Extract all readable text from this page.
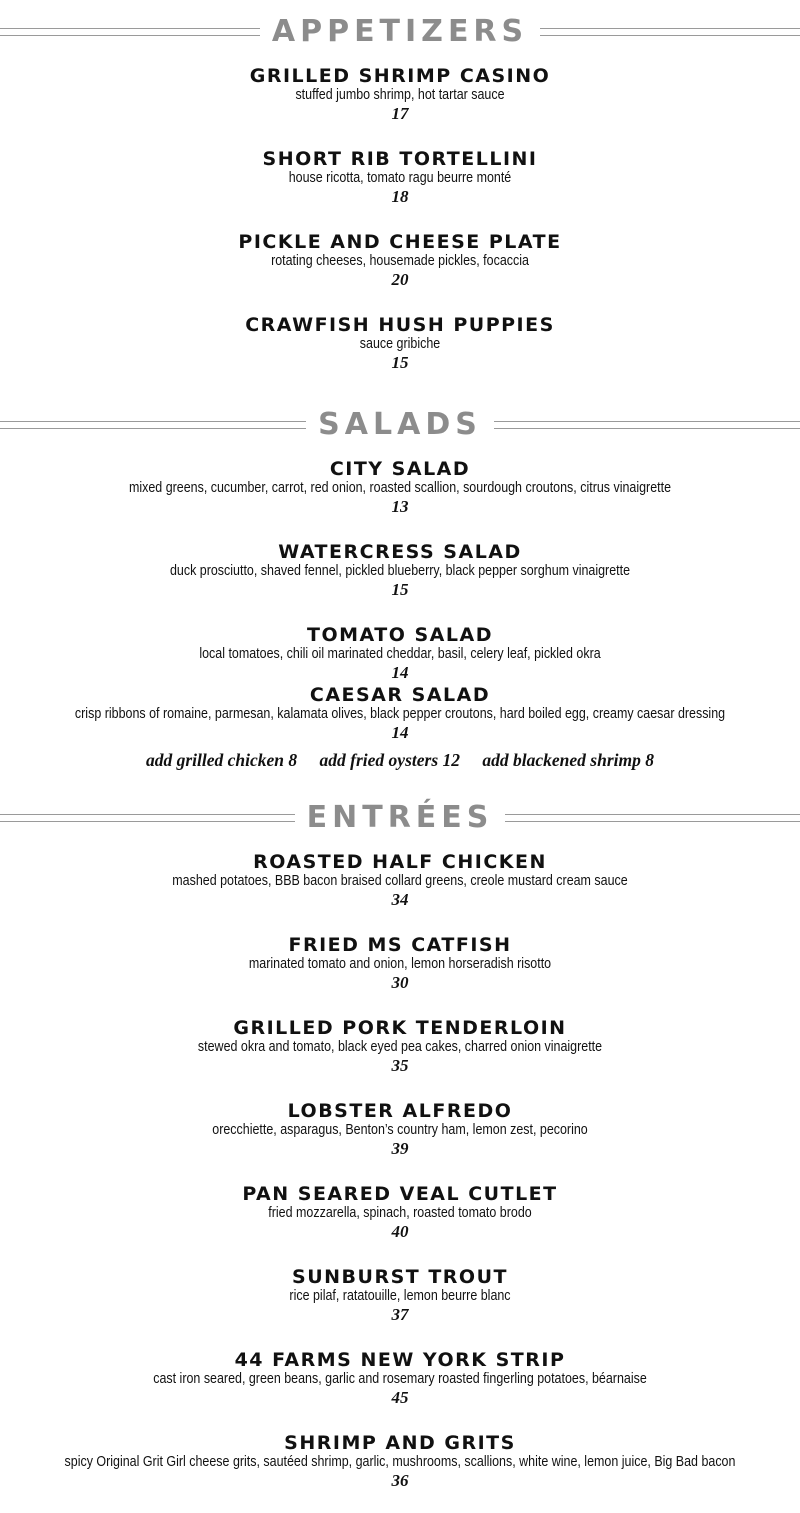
APPETIZERS
GRILLED SHRIMP CASINO
stuffed jumbo shrimp, hot tartar sauce
17
SHORT RIB TORTELLINI
house ricotta, tomato ragu beurre monté
18
PICKLE AND CHEESE PLATE
rotating cheeses, housemade pickles, focaccia
20
CRAWFISH HUSH PUPPIES
sauce gribiche
15
SALADS
CITY SALAD
mixed greens, cucumber, carrot, red onion, roasted scallion, sourdough croutons, citrus vinaigrette
13
WATERCRESS SALAD
duck prosciutto, shaved fennel, pickled blueberry, black pepper sorghum vinaigrette
15
TOMATO SALAD
local tomatoes, chili oil marinated cheddar, basil, celery leaf, pickled okra
14
CAESAR SALAD
crisp ribbons of romaine, parmesan, kalamata olives, black pepper croutons, hard boiled egg, creamy caesar dressing
14
add grilled chicken 8 add fried oysters 12 add blackened shrimp 8
ENTRÉES
ROASTED HALF CHICKEN
mashed potatoes, BBB bacon braised collard greens, creole mustard cream sauce
34
FRIED MS CATFISH
marinated tomato and onion, lemon horseradish risotto
30
GRILLED PORK TENDERLOIN
stewed okra and tomato, black eyed pea cakes, charred onion vinaigrette
35
LOBSTER ALFREDO
orecchiette, asparagus, Benton’s country ham, lemon zest, pecorino
39
PAN SEARED VEAL CUTLET
fried mozzarella, spinach, roasted tomato brodo
40
SUNBURST TROUT
rice pilaf, ratatouille, lemon beurre blanc
37
44 FARMS NEW YORK STRIP
cast iron seared, green beans, garlic and rosemary roasted fingerling potatoes, béarnaise
45
SHRIMP AND GRITS
spicy Original Grit Girl cheese grits, sautéed shrimp, garlic, mushrooms, scallions, white wine, lemon juice, Big Bad bacon
36
